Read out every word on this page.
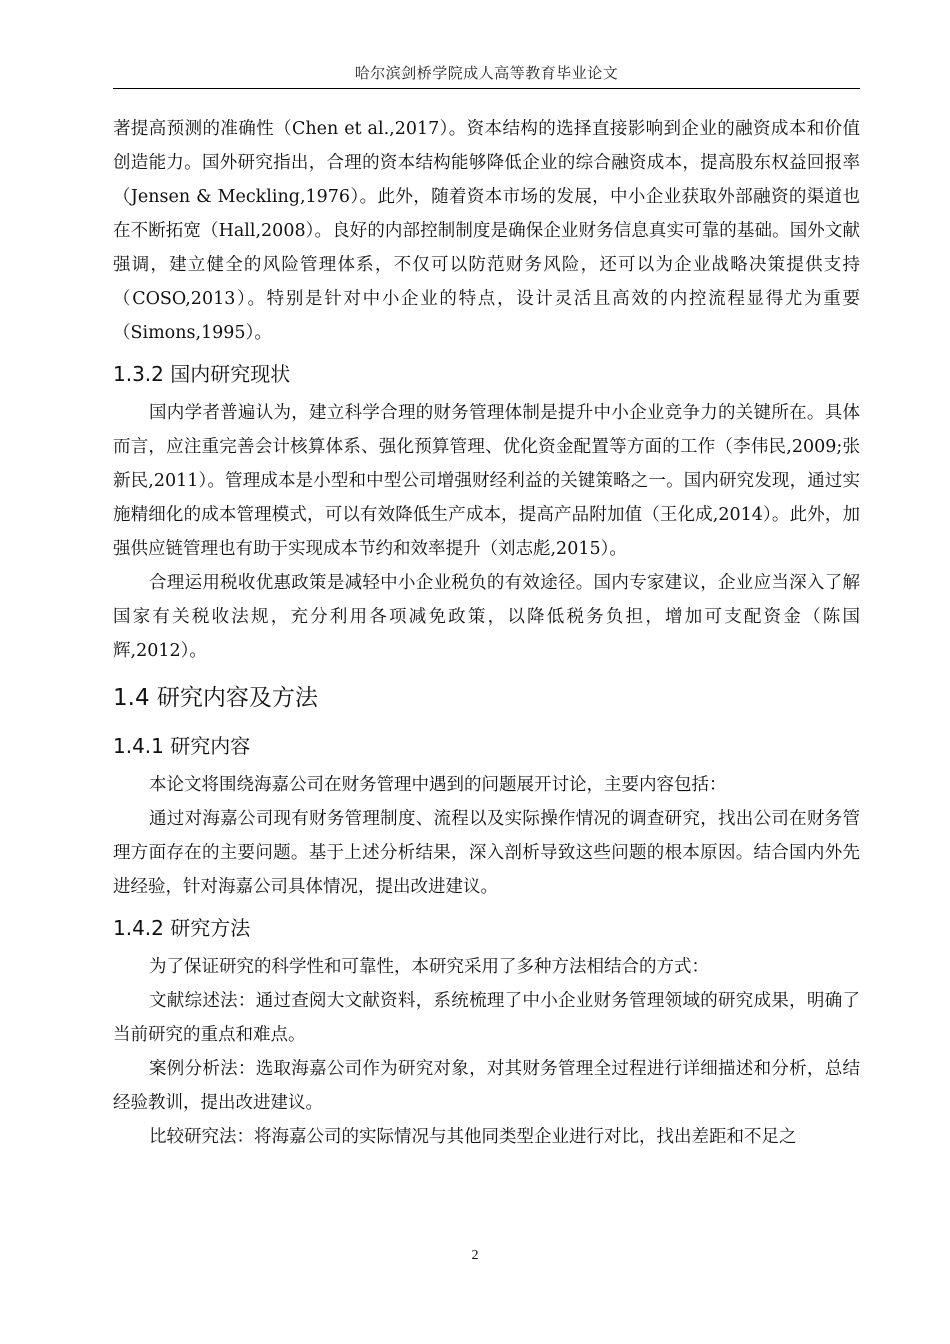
哈尔滨剑桥学院成人高等教育毕业论文

著提高预测的准确性（Chen et al.,2017）。资本结构的选择直接影响到企业的融资成本和价值创造能力。国外研究指出，合理的资本结构能够降低企业的综合融资成本，提高股东权益回报率（Jensen & Meckling,1976）。此外，随着资本市场的发展，中小企业获取外部融资的渠道也在不断拓宽（Hall,2008）。良好的内部控制制度是确保企业财务信息真实可靠的基础。国外文献强调，建立健全的风险管理体系，不仅可以防范财务风险，还可以为企业战略决策提供支持（COSO,2013）。特别是针对中小企业的特点，设计灵活且高效的内控流程显得尤为重要（Simons,1995）。

1.3.2 国内研究现状

国内学者普遍认为，建立科学合理的财务管理体制是提升中小企业竞争力的关键所在。具体而言，应注重完善会计核算体系、强化预算管理、优化资金配置等方面的工作（李伟民,2009;张新民,2011）。管理成本是小型和中型公司增强财经利益的关键策略之一。国内研究发现，通过实施精细化的成本管理模式，可以有效降低生产成本，提高产品附加值（王化成,2014）。此外，加强供应链管理也有助于实现成本节约和效率提升（刘志彪,2015）。

合理运用税收优惠政策是减轻中小企业税负的有效途径。国内专家建议，企业应当深入了解国家有关税收法规，充分利用各项减免政策，以降低税务负担，增加可支配资金（陈国辉,2012）。

1.4 研究内容及方法
1.4.1 研究内容

本论文将围绕海嘉公司在财务管理中遇到的问题展开讨论，主要内容包括：

通过对海嘉公司现有财务管理制度、流程以及实际操作情况的调查研究，找出公司在财务管理方面存在的主要问题。基于上述分析结果，深入剖析导致这些问题的根本原因。结合国内外先进经验，针对海嘉公司具体情况，提出改进建议。

1.4.2 研究方法

为了保证研究的科学性和可靠性，本研究采用了多种方法相结合的方式：

文献综述法：通过查阅大文献资料，系统梳理了中小企业财务管理领域的研究成果，明确了当前研究的重点和难点。

案例分析法：选取海嘉公司作为研究对象，对其财务管理全过程进行详细描述和分析，总结经验教训，提出改进建议。

比较研究法：将海嘉公司的实际情况与其他同类型企业进行对比，找出差距和不足之

2
